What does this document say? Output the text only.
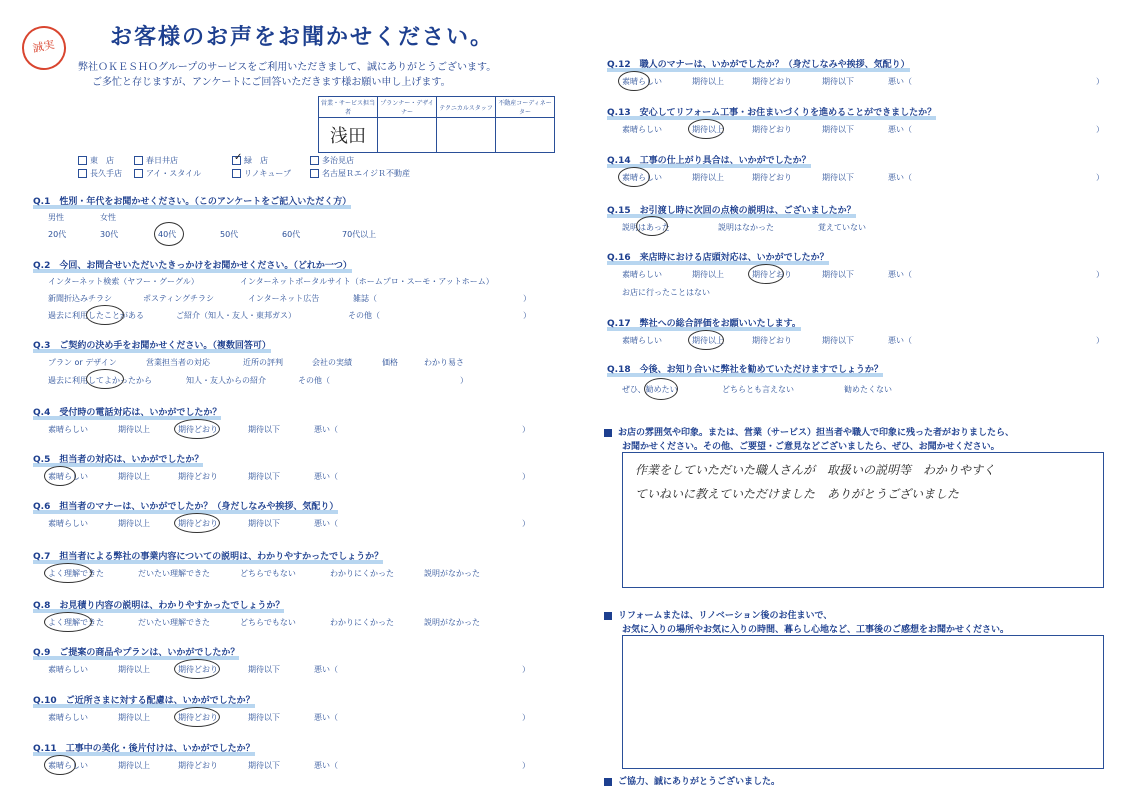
誠実	お客様のお声をお聞かせください。
弊社ＯＫＥＳＨＯグループのサービスをご利用いただきまして、誠にありがとうございます。
ご多忙と存じますが、アンケートにご回答いただきます様お願い申し上げます。
営業・サービス担当者	プランナー・デザイナー	テクニカルスタッフ	不動産コーディネーター
浅田			
東　店	春日井店	✓ 緑　店	多治見店
長久手店	アイ・スタイル	リノキューブ	名古屋ＲエイジＲ不動産
Q.1　性別・年代をお聞かせください。（このアンケートをご記入いただく方）
男性	女性
20代	30代	40代	50代	60代	70代以上
Q.2　今回、お問合せいただいたきっかけをお聞かせください。（どれか一つ）
インターネット検索（ヤフー・グーグル）	インターネットポータルサイト（ホームプロ・スーモ・アットホーム）
新聞折込みチラシ	ポスティングチラシ	インターネット広告	雑誌（	）
過去に利用したことがある	ご紹介（知人・友人・東邦ガス）	その他（	）
Q.3　ご契約の決め手をお聞かせください。（複数回答可）
プラン or デザイン	営業担当者の対応	近所の評判	会社の実績	価格	わかり易さ
過去に利用してよかったから	知人・友人からの紹介	その他（	）
Q.4　受付時の電話対応は、いかがでしたか？
素晴らしい	期待以上	期待どおり	期待以下	悪い（	）
Q.5　担当者の対応は、いかがでしたか？
素晴らしい	期待以上	期待どおり	期待以下	悪い（	）
Q.6　担当者のマナーは、いかがでしたか？（身だしなみや挨拶、気配り）
素晴らしい	期待以上	期待どおり	期待以下	悪い（	）
Q.7　担当者による弊社の事業内容についての説明は、わかりやすかったでしょうか？
よく理解できた	だいたい理解できた	どちらでもない	わかりにくかった	説明がなかった
Q.8　お見積り内容の説明は、わかりやすかったでしょうか？
よく理解できた	だいたい理解できた	どちらでもない	わかりにくかった	説明がなかった
Q.9　ご提案の商品やプランは、いかがでしたか？
素晴らしい	期待以上	期待どおり	期待以下	悪い（	）
Q.10　ご近所さまに対する配慮は、いかがでしたか？
素晴らしい	期待以上	期待どおり	期待以下	悪い（	）
Q.11　工事中の美化・後片付けは、いかがでしたか？
素晴らしい	期待以上	期待どおり	期待以下	悪い（	）
Q.12　職人のマナーは、いかがでしたか？（身だしなみや挨拶、気配り）
素晴らしい	期待以上	期待どおり	期待以下	悪い（	）
Q.13　安心してリフォーム工事・お住まいづくりを進めることができましたか？
素晴らしい	期待以上	期待どおり	期待以下	悪い（	）
Q.14　工事の仕上がり具合は、いかがでしたか？
素晴らしい	期待以上	期待どおり	期待以下	悪い（	）
Q.15　お引渡し時に次回の点検の説明は、ございましたか？
Q.16　来店時における店頭対応は、いかがでしたか？
素晴らしい	期待以上	期待どおり	期待以下	悪い（	）
Q.17　弊社への総合評価をお願いいたします。
素晴らしい	期待以上	期待どおり	期待以下	悪い（	）
Q.18　今後、お知り合いに弊社を勧めていただけますでしょうか？
説明はあった	説明はなかった	覚えていない
お店に行ったことはない
ぜひ、勧めたい	どちらとも言えない	勧めたくない
お店の雰囲気や印象。または、営業（サービス）担当者や職人で印象に残った者がおりましたら、
お聞かせください。その他、ご要望・ご意見などございましたら、ぜひ、お聞かせください。
作業をしていただいた職人さんが　取扱いの説明等　わかりやすく
ていねいに教えていただけました　ありがとうございました
リフォームまたは、リノベーション後のお住まいで、
お気に入りの場所やお気に入りの時間、暮らし心地など、工事後のご感想をお聞かせください。
ご協力、誠にありがとうございました。
